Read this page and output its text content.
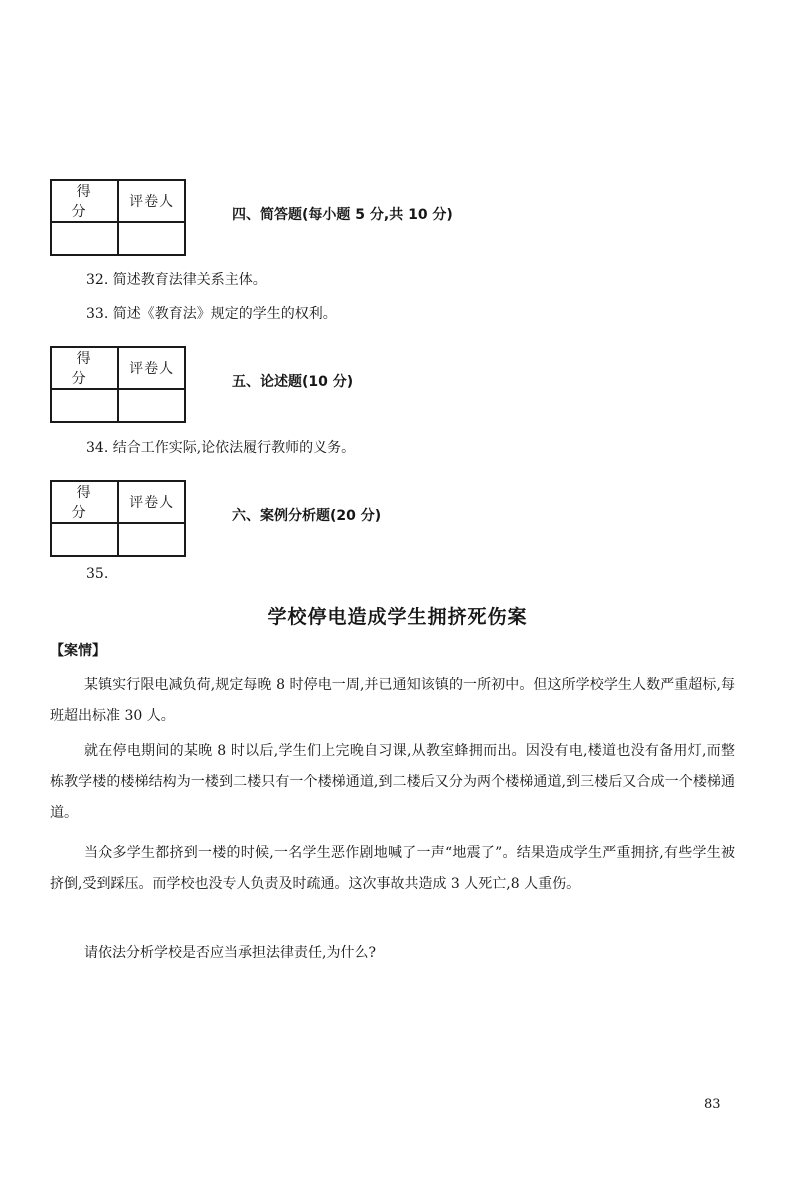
得 分	评卷人

四、简答题(每小题 5 分,共 10 分)
32. 简述教育法律关系主体。
33. 简述《教育法》规定的学生的权利。
得 分	评卷人

五、论述题(10 分)
34. 结合工作实际,论依法履行教师的义务。
得 分	评卷人

六、案例分析题(20 分)
35.
学校停电造成学生拥挤死伤案
【案情】
某镇实行限电减负荷,规定每晚 8 时停电一周,并已通知该镇的一所初中。但这所学校学生人数严重超标,每班超出标准 30 人。
就在停电期间的某晚 8 时以后,学生们上完晚自习课,从教室蜂拥而出。因没有电,楼道也没有备用灯,而整栋教学楼的楼梯结构为一楼到二楼只有一个楼梯通道,到二楼后又分为两个楼梯通道,到三楼后又合成一个楼梯通道。
当众多学生都挤到一楼的时候,一名学生恶作剧地喊了一声“地震了”。结果造成学生严重拥挤,有些学生被挤倒,受到踩压。而学校也没专人负责及时疏通。这次事故共造成 3 人死亡,8 人重伤。
请依法分析学校是否应当承担法律责任,为什么?
83
